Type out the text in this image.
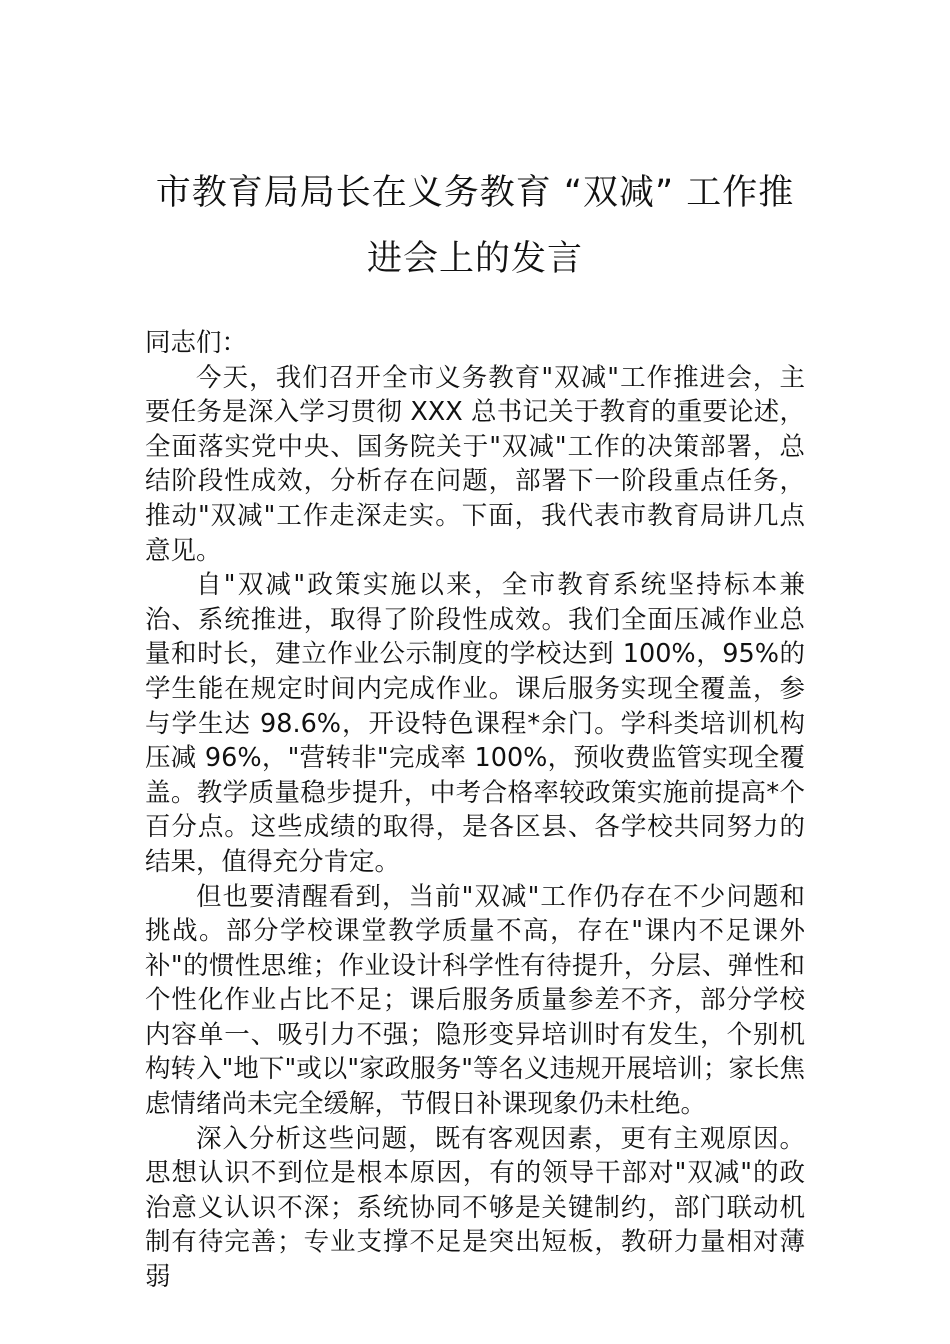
市教育局局长在义务教育 “双减” 工作推
进会上的发言

同志们：

今天，我们召开全市义务教育"双减"工作推进会，主要任务是深入学习贯彻 XXX 总书记关于教育的重要论述，全面落实党中央、国务院关于"双减"工作的决策部署，总结阶段性成效，分析存在问题，部署下一阶段重点任务，推动"双减"工作走深走实。下面，我代表市教育局讲几点意见。

自"双减"政策实施以来，全市教育系统坚持标本兼治、系统推进，取得了阶段性成效。我们全面压减作业总量和时长，建立作业公示制度的学校达到 100%，95%的学生能在规定时间内完成作业。课后服务实现全覆盖，参与学生达 98.6%，开设特色课程*余门。学科类培训机构压减 96%，"营转非"完成率 100%，预收费监管实现全覆盖。教学质量稳步提升，中考合格率较政策实施前提高*个百分点。这些成绩的取得，是各区县、各学校共同努力的结果，值得充分肯定。

但也要清醒看到，当前"双减"工作仍存在不少问题和挑战。部分学校课堂教学质量不高，存在"课内不足课外补"的惯性思维；作业设计科学性有待提升，分层、弹性和个性化作业占比不足；课后服务质量参差不齐，部分学校内容单一、吸引力不强；隐形变异培训时有发生，个别机构转入"地下"或以"家政服务"等名义违规开展培训；家长焦虑情绪尚未完全缓解，节假日补课现象仍未杜绝。

深入分析这些问题，既有客观因素，更有主观原因。思想认识不到位是根本原因，有的领导干部对"双减"的政治意义认识不深；系统协同不够是关键制约，部门联动机制有待完善；专业支撑不足是突出短板，教研力量相对薄弱
